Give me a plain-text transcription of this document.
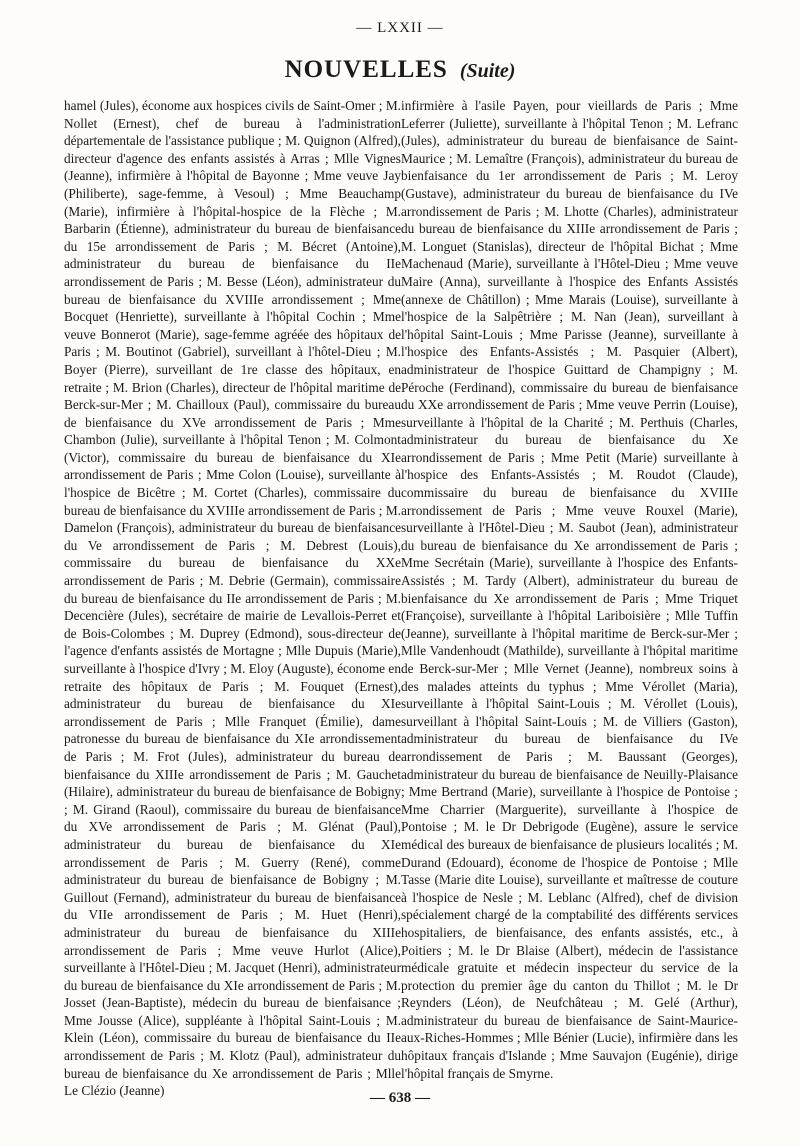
— LXXII —
NOUVELLES (Suite)

hamel (Jules), économe aux hospices civils de Saint-Omer ; M. Nollet (Ernest), chef de bureau à l'administration départementale de l'assistance publique ; M. Quignon (Alfred), directeur d'agence des enfants assistés à Arras ; Mlle Vignes (Jeanne), infirmière à l'hôpital de Bayonne ; Mme veuve Jay (Philiberte), sage-femme, à Vesoul) ; Mme Beauchamp (Marie), infirmière à l'hôpital-hospice de la Flèche ; M. Barbarin (Étienne), administrateur du bureau de bienfaisance du 15e arrondissement de Paris ; M. Bécret (Antoine), administrateur du bureau de bienfaisance du IIe arrondissement de Paris ; M. Besse (Léon), administrateur du bureau de bienfaisance du XVIIIe arrondissement ; Mme Bocquet (Henriette), surveillante à l'hôpital Cochin ; Mme veuve Bonnerot (Marie), sage-femme agréée des hôpitaux de Paris ; M. Boutinot (Gabriel), surveillant à l'hôtel-Dieu ; M. Boyer (Pierre), surveillant de 1re classe des hôpitaux, en retraite ; M. Brion (Charles), directeur de l'hôpital maritime de Berck-sur-Mer ; M. Chailloux (Paul), commissaire du bureau de bienfaisance du XVe arrondissement de Paris ; Mme Chambon (Julie), surveillante à l'hôpital Tenon ; M. Colmont (Victor), commissaire du bureau de bienfaisance du XIe arrondissement de Paris ; Mme Colon (Louise), surveillante à l'hospice de Bicêtre ; M. Cortet (Charles), commissaire du bureau de bienfaisance du XVIIIe arrondissement de Paris ; M. Damelon (François), administrateur du bureau de bienfaisance du Ve arrondissement de Paris ; M. Debrest (Louis), commissaire du bureau de bienfaisance du XXe arrondissement de Paris ; M. Debrie (Germain), commissaire du bureau de bienfaisance du IIe arrondissement de Paris ; M. Decencière (Jules), secrétaire de mairie de Levallois-Perret et de Bois-Colombes ; M. Duprey (Edmond), sous-directeur de l'agence d'enfants assistés de Mortagne ; Mlle Dupuis (Marie), surveillante à l'hospice d'Ivry ; M. Eloy (Auguste), économe en retraite des hôpitaux de Paris ; M. Fouquet (Ernest), administrateur du bureau de bienfaisance du XIe arrondissement de Paris ; Mlle Franquet (Émilie), dame patronesse du bureau de bienfaisance du XIe arrondissement de Paris ; M. Frot (Jules), administrateur du bureau de bienfaisance du XIIIe arrondissement de Paris ; M. Gauchet (Hilaire), administrateur du bureau de bienfaisance de Bobigny ; M. Girand (Raoul), commissaire du bureau de bienfaisance du XVe arrondissement de Paris ; M. Glénat (Paul), administrateur du bureau de bienfaisance du XIe arrondissement de Paris ; M. Guerry (René), comme administrateur du bureau de bienfaisance de Bobigny ; M. Guillout (Fernand), administrateur du bureau de bienfaisance du VIIe arrondissement de Paris ; M. Huet (Henri), administrateur du bureau de bienfaisance du XIIIe arrondissement de Paris ; Mme veuve Hurlot (Alice), surveillante à l'Hôtel-Dieu ; M. Jacquet (Henri), administrateur du bureau de bienfaisance du XIe arrondissement de Paris ; M. Josset (Jean-Baptiste), médecin du bureau de bienfaisance ; Mme Jousse (Alice), suppléante à l'hôpital Saint-Louis ; M. Klein (Léon), commissaire du bureau de bienfaisance du IIe arrondissement de Paris ; M. Klotz (Paul), administrateur du bureau de bienfaisance du Xe arrondissement de Paris ; Mlle Le Clézio (Jeanne)

infirmière à l'asile Payen, pour vieillards de Paris ; Mme Leferrer (Juliette), surveillante à l'hôpital Tenon ; M. Lefranc (Jules), administrateur du bureau de bienfaisance de Saint-Maurice ; M. Lemaître (François), administrateur du bureau de bienfaisance du 1er arrondissement de Paris ; M. Leroy (Gustave), administrateur du bureau de bienfaisance du IVe arrondissement de Paris ; M. Lhotte (Charles), administrateur du bureau de bienfaisance du XIIIe arrondissement de Paris ; M. Longuet (Stanislas), directeur de l'hôpital Bichat ; Mme Machenaud (Marie), surveillante à l'Hôtel-Dieu ; Mme veuve Maire (Anna), surveillante à l'hospice des Enfants Assistés (annexe de Châtillon) ; Mme Marais (Louise), surveillante à l'hospice de la Salpêtrière ; M. Nan (Jean), surveillant à l'hôpital Saint-Louis ; Mme Parisse (Jeanne), surveillante à l'hospice des Enfants-Assistés ; M. Pasquier (Albert), administrateur de l'hospice Guittard de Champigny ; M. Péroche (Ferdinand), commissaire du bureau de bienfaisance du XXe arrondissement de Paris ; Mme veuve Perrin (Louise), surveillante à l'hôpital de la Charité ; M. Perthuis (Charles, administrateur du bureau de bienfaisance du Xe arrondissement de Paris ; Mme Petit (Marie) surveillante à l'hospice des Enfants-Assistés ; M. Roudot (Claude), commissaire du bureau de bienfaisance du XVIIIe arrondissement de Paris ; Mme veuve Rouxel (Marie), surveillante à l'Hôtel-Dieu ; M. Saubot (Jean), administrateur du bureau de bienfaisance du Xe arrondissement de Paris ; Mme Secrétain (Marie), surveillante à l'hospice des Enfants-Assistés ; M. Tardy (Albert), administrateur du bureau de bienfaisance du Xe arrondissement de Paris ; Mme Triquet (Françoise), surveillante à l'hôpital Lariboisière ; Mlle Tuffin (Jeanne), surveillante à l'hôpital maritime de Berck-sur-Mer ; Mlle Vandenhoudt (Mathilde), surveillante à l'hôpital maritime de Berck-sur-Mer ; Mlle Vernet (Jeanne), nombreux soins à des malades atteints du typhus ; Mme Vérollet (Maria), surveillante à l'hôpital Saint-Louis ; M. Vérollet (Louis), surveillant à l'hôpital Saint-Louis ; M. de Villiers (Gaston), administrateur du bureau de bienfaisance du IVe arrondissement de Paris ; M. Baussant (Georges), administrateur du bureau de bienfaisance de Neuilly-Plaisance ; Mme Bertrand (Marie), surveillante à l'hospice de Pontoise ; Mme Charrier (Marguerite), surveillante à l'hospice de Pontoise ; M. le Dr Debrigode (Eugène), assure le service médical des bureaux de bienfaisance de plusieurs localités ; M. Durand (Edouard), économe de l'hospice de Pontoise ; Mlle Tasse (Marie dite Louise), surveillante et maîtresse de couture à l'hospice de Nesle ; M. Leblanc (Alfred), chef de division spécialement chargé de la comptabilité des différents services hospitaliers, de bienfaisance, des enfants assistés, etc., à Poitiers ; M. le Dr Blaise (Albert), médecin de l'assistance médicale gratuite et médecin inspecteur du service de la protection du premier âge du canton du Thillot ; M. le Dr Reynders (Léon), de Neufchâteau ; M. Gelé (Arthur), administrateur du bureau de bienfaisance de Saint-Maurice-aux-Riches-Hommes ; Mlle Bénier (Lucie), infirmière dans les hôpitaux français d'Islande ; Mme Sauvajon (Eugénie), dirige l'hôpital français de Smyrne.

— 638 —
